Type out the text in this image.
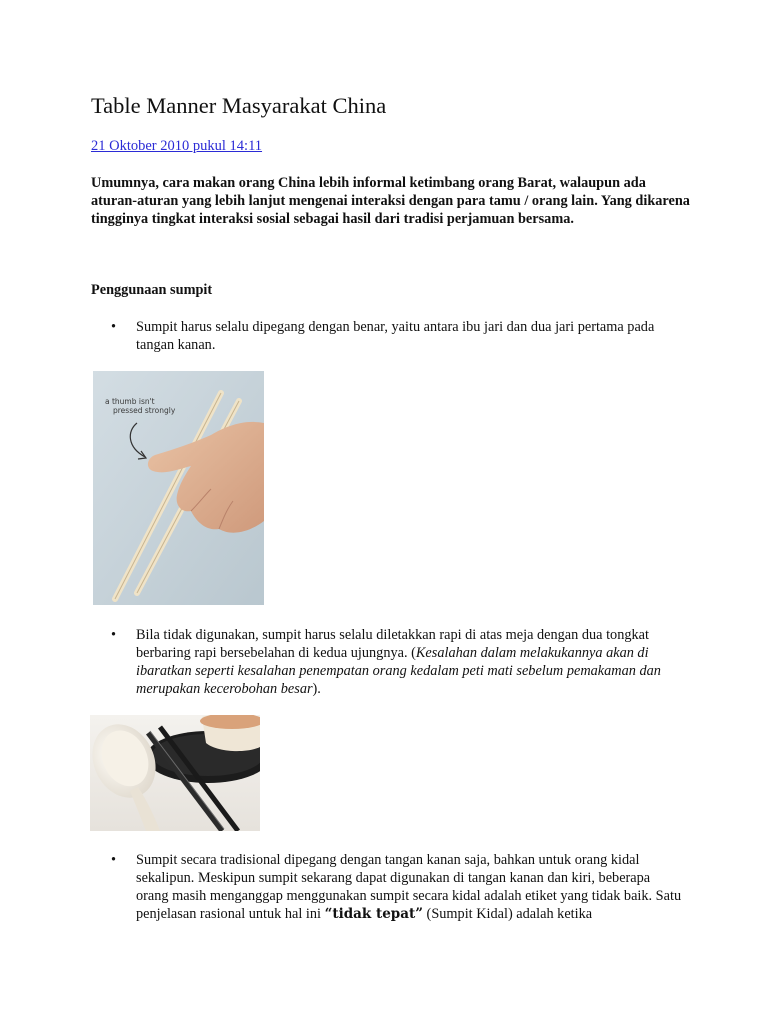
Table Manner Masyarakat China
21 Oktober 2010 pukul 14:11

Umumnya, cara makan orang China lebih informal ketimbang orang Barat, walaupun ada aturan-aturan yang lebih lanjut mengenai interaksi dengan para tamu / orang lain. Yang dikarena tingginya tingkat interaksi sosial sebagai hasil dari tradisi perjamuan bersama.

Penggunaan sumpit
• Sumpit harus selalu dipegang dengan benar, yaitu antara ibu jari dan dua jari pertama pada tangan kanan.
a thumb isn't
pressed strongly
• Bila tidak digunakan, sumpit harus selalu diletakkan rapi di atas meja dengan dua tongkat berbaring rapi bersebelahan di kedua ujungnya. (Kesalahan dalam melakukannya akan di ibaratkan seperti kesalahan penempatan orang kedalam peti mati sebelum pemakaman dan merupakan kecerobohan besar).
• Sumpit secara tradisional dipegang dengan tangan kanan saja, bahkan untuk orang kidal sekalipun. Meskipun sumpit sekarang dapat digunakan di tangan kanan dan kiri, beberapa orang masih menganggap menggunakan sumpit secara kidal adalah etiket yang tidak baik. Satu penjelasan rasional untuk hal ini “tidak tepat” (Sumpit Kidal) adalah ketika
